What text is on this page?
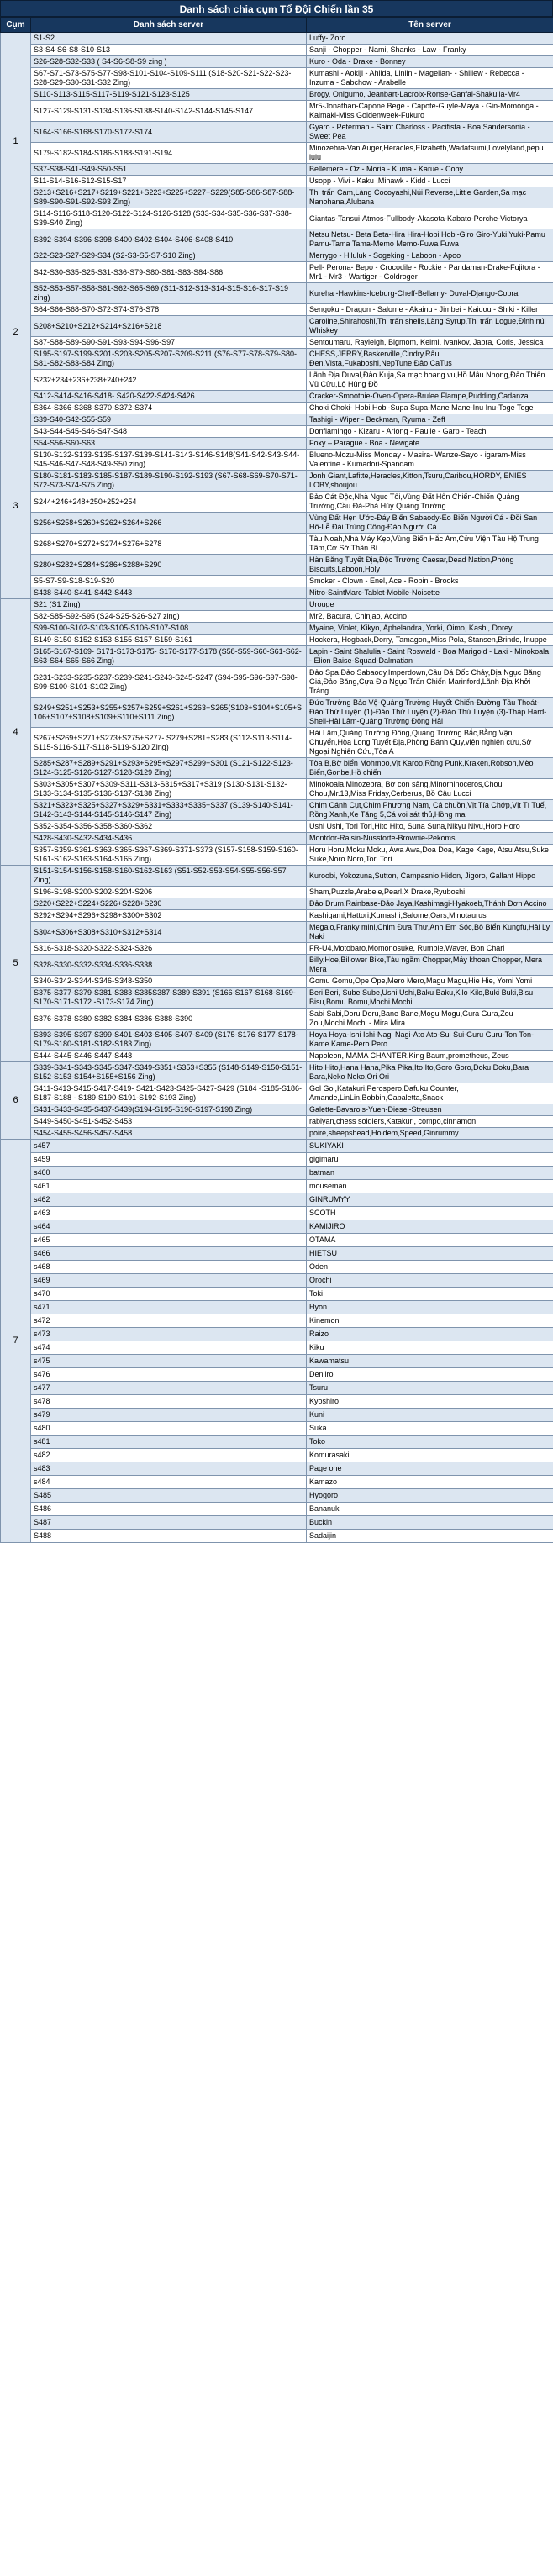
Danh sách chia cụm Tổ Đội Chiến lần 35
Cụm	Danh sách server	Tên server
1	S1-S2	Luffy- Zoro
	S3-S4-S6-S8-S10-S13	Sanji - Chopper - Nami, Shanks - Law - Franky
	S26-S28-S32-S33 ( S4-S6-S8-S9 zing )	Kuro - Oda - Drake - Bonney
	S67-S71-S73-S75-S77-S98-S101-S104-S109-S111 (S18-S20-S21-S22-S23-S28-S29-S30-S31-S32 Zing)	Kumashi - Aokiji - Ahilda, Linlin - Magellan- - Shiliew - Rebecca - Inzuma - Sabchow - Arabelle
	S110-S113-S115-S117-S119-S121-S123-S125	Brogy, Onigumo, Jeanbart-Lacroix-Ronse-Ganfal-Shakulla-Mr4
	S127-S129-S131-S134-S136-S138-S140-S142-S144-S145-S147	Mr5-Jonathan-Capone Bege - Capote-Guyle-Maya - Gin-Momonga - Kaimaki-Miss Goldenweek-Fukuro
	S164-S166-S168-S170-S172-S174	Gyaro - Peterman - Saint Charloss - Pacifista - Boa Sandersonia - Sweet Pea
	S179-S182-S184-S186-S188-S191-S194	Minozebra-Van Auger,Heracles,Elizabeth,Wadatsumi,Lovelyland,pepu lulu
	S37-S38-S41-S49-S50-S51	Bellemere - Oz - Moria - Kuma - Karue - Coby
	S11-S14-S16-S12-S15-S17	Usopp - Vivi - Kaku ,Mihawk - Kidd - Lucci
	S213+S216+S217+S219+S221+S223+S225+S227+S229(S85-S86-S87-S88-S89-S90-S91-S92-S93 Zing)	Thị trấn Cam,Làng Cocoyashi,Núi Reverse,Little Garden,Sa mạc Nanohana,Alubana
	S114-S116-S118-S120-S122-S124-S126-S128 (S33-S34-S35-S36-S37-S38-S39-S40 Zing)	Giantas-Tansui-Atmos-Fullbody-Akasota-Kabato-Porche-Victorya
	S392-S394-S396-S398-S400-S402-S404-S406-S408-S410	Netsu Netsu- Beta Beta-Hira Hira-Hobi Hobi-Giro Giro-Yuki Yuki-Pamu Pamu-Tama Tama-Memo Memo-Fuwa Fuwa
2	S22-S23-S27-S29-S34 (S2-S3-S5-S7-S10 Zing)	Merrygo - Hiluluk - Sogeking - Laboon - Apoo
	S42-S30-S35-S25-S31-S36-S79-S80-S81-S83-S84-S86	Pell- Perona- Bepo - Crocodile - Rockie - Pandaman-Drake-Fujitora - Mr1 - Mr3 - Wartiger - Goldroger
	S52-S53-S57-S58-S61-S62-S65-S69 (S11-S12-S13-S14-S15-S16-S17-S19 zing)	Kureha -Hawkins-Iceburg-Cheff-Bellamy- Duval-Django-Cobra
	S64-S66-S68-S70-S72-S74-S76-S78	Sengoku - Dragon - Salome - Akainu - Jimbei - Kaidou - Shiki - Killer
	S208+S210+S212+S214+S216+S218	Caroline,Shirahoshi,Thị trấn shells,Làng Syrup,Thị trấn Logue,Đỉnh núi Whiskey
	S87-S88-S89-S90-S91-S93-S94-S96-S97	Sentoumaru, Rayleigh, Bigmom, Keimi, Ivankov, Jabra, Coris, Jessica
	S195-S197-S199-S201-S203-S205-S207-S209-S211 (S76-S77-S78-S79-S80-S81-S82-S83-S84 Zing)	CHESS,JERRY,Baskerville,Cindry,Râu Đen,Vista,Fukaboshi,NepTune,Đảo CaTus
	S232+234+236+238+240+242	Lãnh Địa Duval,Đảo Kuja,Sa mạc hoang vu,Hồ Mâu Nhọng,Đảo Thiên Vũ Cửu,Lộ Hùng Đồ
	S412-S414-S416-S418- S420-S422-S424-S426	Cracker-Smoothie-Oven-Opera-Brulee,Flampe,Pudding,Cadanza
	S364-S366-S368-S370-S372-S374	Choki Choki- Hobi Hobi-Supa Supa-Mane Mane-Inu Inu-Toge Toge
3	S39-S40-S42-S55-S59	Tashigi - Wiper - Beckman, Ryuma - Zeff
	S43-S44-S45-S46-S47-S48	Donflamingo - Kizaru - Arlong - Paulie - Garp - Teach
	S54-S56-S60-S63	Foxy – Parague - Boa - Newgate
	S130-S132-S133-S135-S137-S139-S141-S143-S146-S148(S41-S42-S43-S44-S45-S46-S47-S48-S49-S50 zing)	Blueno-Mozu-Miss Monday - Masira- Wanze-Sayo - igaram-Miss Valentine - Kumadori-Spandam
	S180-S181-S183-S185-S187-S189-S190-S192-S193 (S67-S68-S69-S70-S71-S72-S73-S74-S75 Zing)	Jonh Giant,Lafitte,Heracles,Kitton,Tsuru,Caribou,HORDY, ENIES LOBY,shoujou
	S244+246+248+250+252+254	Bảo Cát Độc,Nhà Ngục Tối,Vùng Đất Hỗn Chiến-Chiến Quảng Trường,Cầu Đá-Phá Hủy Quảng Trường
	S256+S258+S260+S262+S264+S266	Vùng Đất Hẹn Ước-Đáy Biển Sabaody-Eo Biển Người Cá - Đồi San Hô-Lễ Đài Trùng Công-Đảo Người Cá
	S268+S270+S272+S274+S276+S278	Tàu Noah,Nhà Máy Kẹo,Vùng Biển Hắc Ám,Cửu Viện Tàu Hộ Trung Tâm,Cơ Sở Thần Bí
	S280+S282+S284+S286+S288+S290	Hàn Băng Tuyết Địa,Độc Trường Caesar,Dead Nation,Phòng Biscuits,Laboon,Holy
	S5-S7-S9-S18-S19-S20	Smoker - Clown - Enel, Ace - Robin - Brooks
	S438-S440-S441-S442-S443	Nitro-SaintMarc-Tablet-Mobile-Noisette
4	S21 (S1 Zing)	Urouge
	S82-S85-S92-S95 (S24-S25-S26-S27 zing)	Mr2, Bacura, Chinjao, Accino
	S99-S100-S102-S103-S105-S106-S107-S108	Myaine, Violet, Kikyo, Aphelandra, Yorki, Oimo, Kashi, Dorey
	S149-S150-S152-S153-S155-S157-S159-S161	Hockera, Hogback,Dorry, Tamagon,,Miss Pola, Stansen,Brindo, Inuppe
	S165-S167-S169- S171-S173-S175- S176-S177-S178 (S58-S59-S60-S61-S62-S63-S64-S65-S66 Zing)	Lapin - Saint Shalulia - Saint Roswald - Boa Marigold - Laki - Minokoala - Elion Baise-Squad-Dalmatian
	S231-S233-S235-S237-S239-S241-S243-S245-S247 (S94-S95-S96-S97-S98-S99-S100-S101-S102 Zing)	Đảo Spa,Đảo Sabaody,Imperdown,Cầu Đá Đốc Chảy,Địa Ngục Băng Giá,Đảo Băng,Cựa Địa Ngục,Trấn Chiến Marinford,Lãnh Địa Khởi Tráng
	S249+S251+S253+S255+S257+S259+S261+S263+S265(S103+S104+S105+S106+S107+S108+S109+S110+S111 Zing)	Đức Trường Bảo Vệ-Quảng Trường Huyết Chiến-Đường Tầu Thoát-Đảo Thử Luyện (1)-Đảo Thử Luyện (2)-Đảo Thử Luyện (3)-Tháp Hard-Shell-Hải Lâm-Quảng Trường Đông Hải
	S267+S269+S271+S273+S275+S277- S279+S281+S283 (S112-S113-S114-S115-S116-S117-S118-S119-S120 Zing)	Hải Lâm,Quảng Trường Đồng,Quảng Trường Bắc,Bằng Vận Chuyển,Hòa Long Tuyết Địa,Phòng Bánh Quy,viện nghiên cứu,Sở Ngoại Nghiên Cứu,Tòa A
	S285+S287+S289+S291+S293+S295+S297+S299+S301 (S121-S122-S123-S124-S125-S126-S127-S128-S129 Zing)	Tòa B,Bờ biển Mohmoo,Vịt Karoo,Rồng Punk,Kraken,Robson,Mèo Biển,Gonbe,Hồ chiến
	S303+S305+S307+S309-S311-S313-S315+S317+S319 (S130-S131-S132-S133-S134-S135-S136-S137-S138 Zing)	Minokoala,Minozebra, Bờ con sảng,Minorhinoceros,Chou Chou,Mr.13,Miss Friday,Cerberus, Bồ Câu Lucci
	S321+S323+S325+S327+S329+S331+S333+S335+S337 (S139-S140-S141-S142-S143-S144-S145-S146-S147 Zing)	Chim Cánh Cụt,Chim Phương Nam, Cá chuồn,Vịt Tía Chớp,Vịt Tí Tuế, Rồng Xanh,Xe Tăng 5,Cá voi sát thủ,Hồng ma
	S352-S354-S356-S358-S360-S362	Ushi Ushi, Tori Tori,Hito Hito, Suna Suna,Nikyu Niyu,Horo Horo
	S428-S430-S432-S434-S436	Montdor-Raisin-Nusstorte-Brownie-Pekoms
	S357-S359-S361-S363-S365-S367-S369-S371-S373 (S157-S158-S159-S160-S161-S162-S163-S164-S165 Zing)	Horu Horu,Moku Moku, Awa Awa,Doa Doa, Kage Kage, Atsu Atsu,Suke Suke,Noro Noro,Tori Tori
5	S151-S154-S156-S158-S160-S162-S163 (S51-S52-S53-S54-S55-S56-S57 Zing)	Kuroobi, Yokozuna,Sutton, Campasnio,Hidon, Jigoro, Gallant Hippo
	S196-S198-S200-S202-S204-S206	Sham,Puzzle,Arabele,Pearl,X Drake,Ryuboshi
	S220+S222+S224+S226+S228+S230	Đảo Drum,Rainbase-Đảo Jaya,Kashimagi-Hyakoeb,Thánh Đơn Accino
	S292+S294+S296+S298+S300+S302	Kashigami,Hattori,Kumashi,Salome,Oars,Minotaurus
	S304+S306+S308+S310+S312+S314	Megalo,Franky mini,Chim Đưa Thư,Anh Em Sóc,Bò Biển Kungfu,Hải Ly Naki
	S316-S318-S320-S322-S324-S326	FR-U4,Motobaro,Momonosuke, Rumble,Waver, Bon Chari
	S328-S330-S332-S334-S336-S338	Billy,Hoe,Billower Bike,Tàu ngầm Chopper,Máy khoan Chopper, Mera Mera
	S340-S342-S344-S346-S348-S350	Gomu Gomu,Ope Ope,Mero Mero,Magu Magu,Hie Hie, Yomi Yomi
	S375-S377-S379-S381-S383-S385S387-S389-S391 (S166-S167-S168-S169-S170-S171-S172 -S173-S174 Zing)	Beri Beri, Sube Sube,Ushi Ushi,Baku Baku,Kilo Kilo,Buki Buki,Bisu Bisu,Bomu Bomu,Mochi Mochi
	S376-S378-S380-S382-S384-S386-S388-S390	Sabi Sabi,Doru Doru,Bane Bane,Mogu Mogu,Gura Gura,Zou Zou,Mochi Mochi - Mira Mira
	S393-S395-S397-S399-S401-S403-S405-S407-S409 (S175-S176-S177-S178-S179-S180-S181-S182-S183 Zing)	Hoya Hoya-Ishi Ishi-Nagi Nagi-Ato Ato-Sui Sui-Guru Guru-Ton Ton-Kame Kame-Pero Pero
	S444-S445-S446-S447-S448	Napoleon, MAMA CHANTER,King Baum,prometheus, Zeus
6	S339-S341-S343-S345-S347-S349-S351+S353+S355 (S148-S149-S150-S151-S152-S153-S154+S155+S156 Zing)	Hito Hito,Hana Hana,Pika Pika,Ito Ito,Goro Goro,Doku Doku,Bara Bara,Neko Neko,Ori Ori
	S411-S413-S415-S417-S419- S421-S423-S425-S427-S429 (S184 -S185-S186-S187-S188 - S189-S190-S191-S192-S193 Zing)	Gol Gol,Katakuri,Perospero,Dafuku,Counter, Amande,LinLin,Bobbin,Cabaletta,Snack
	S431-S433-S435-S437-S439(S194-S195-S196-S197-S198 Zing)	Galette-Bavarois-Yuen-Diesel-Streusen
	S449-S450-S451-S452-S453	rabiyan,chess soldiers,Katakuri, compo,cinnamon
	S454-S455-S456-S457-S458	poire,sheepshead,Holdem,Speed,Ginrummy
7	s457	SUKIYAKI
	s459	gigimaru
	s460	batman
	s461	mouseman
	s462	GINRUMYY
	s463	SCOTH
	s464	KAMIJIRO
	s465	OTAMA
	s466	HIETSU
	s468	Oden
	s469	Orochi
	s470	Toki
	s471	Hyon
	s472	Kinemon
	s473	Raizo
	s474	Kiku
	s475	Kawamatsu
	s476	Denjiro
	s477	Tsuru
	s478	Kyoshiro
	s479	Kuni
	s480	Suka
	s481	Toko
	s482	Komurasaki
	s483	Page one
	s484	Kamazo
	S485	Hyogoro
	S486	Bananuki
	S487	Buckin
	S488	Sadaijin
